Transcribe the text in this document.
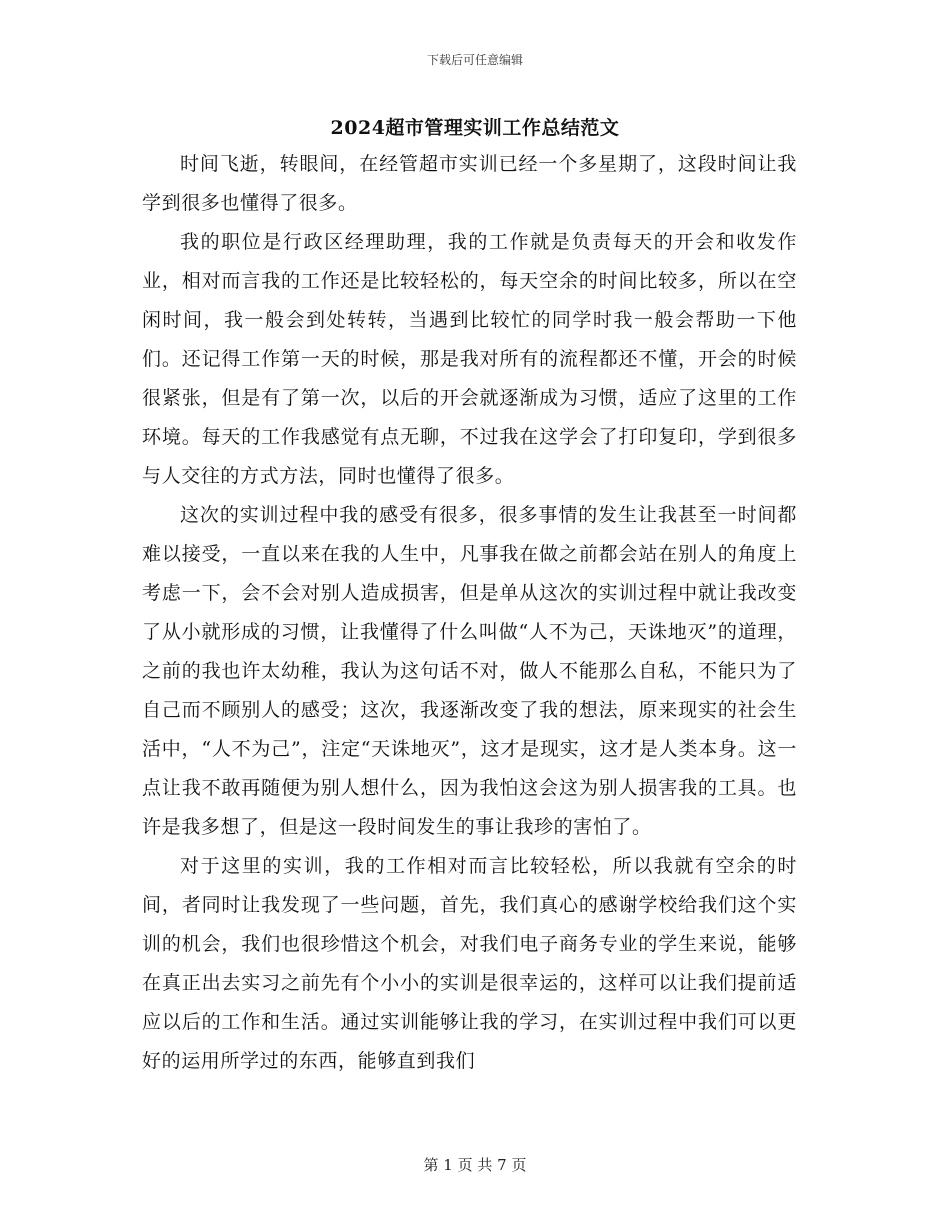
下载后可任意编辑
2024超市管理实训工作总结范文

时间飞逝，转眼间，在经管超市实训已经一个多星期了，这段时间让我学到很多也懂得了很多。

我的职位是行政区经理助理，我的工作就是负责每天的开会和收发作业，相对而言我的工作还是比较轻松的，每天空余的时间比较多，所以在空闲时间，我一般会到处转转，当遇到比较忙的同学时我一般会帮助一下他们。还记得工作第一天的时候，那是我对所有的流程都还不懂，开会的时候很紧张，但是有了第一次，以后的开会就逐渐成为习惯，适应了这里的工作环境。每天的工作我感觉有点无聊，不过我在这学会了打印复印，学到很多与人交往的方式方法，同时也懂得了很多。

这次的实训过程中我的感受有很多，很多事情的发生让我甚至一时间都难以接受，一直以来在我的人生中，凡事我在做之前都会站在别人的角度上考虑一下，会不会对别人造成损害，但是单从这次的实训过程中就让我改变了从小就形成的习惯，让我懂得了什么叫做“人不为己，天诛地灭”的道理，之前的我也许太幼稚，我认为这句话不对，做人不能那么自私，不能只为了自己而不顾别人的感受；这次，我逐渐改变了我的想法，原来现实的社会生活中，“人不为己”，注定“天诛地灭”，这才是现实，这才是人类本身。这一点让我不敢再随便为别人想什么，因为我怕这会这为别人损害我的工具。也许是我多想了，但是这一段时间发生的事让我珍的害怕了。

对于这里的实训，我的工作相对而言比较轻松，所以我就有空余的时间，者同时让我发现了一些问题，首先，我们真心的感谢学校给我们这个实训的机会，我们也很珍惜这个机会，对我们电子商务专业的学生来说，能够在真正出去实习之前先有个小小的实训是很幸运的，这样可以让我们提前适应以后的工作和生活。通过实训能够让我的学习，在实训过程中我们可以更好的运用所学过的东西，能够直到我们

第 1 页 共 7 页
